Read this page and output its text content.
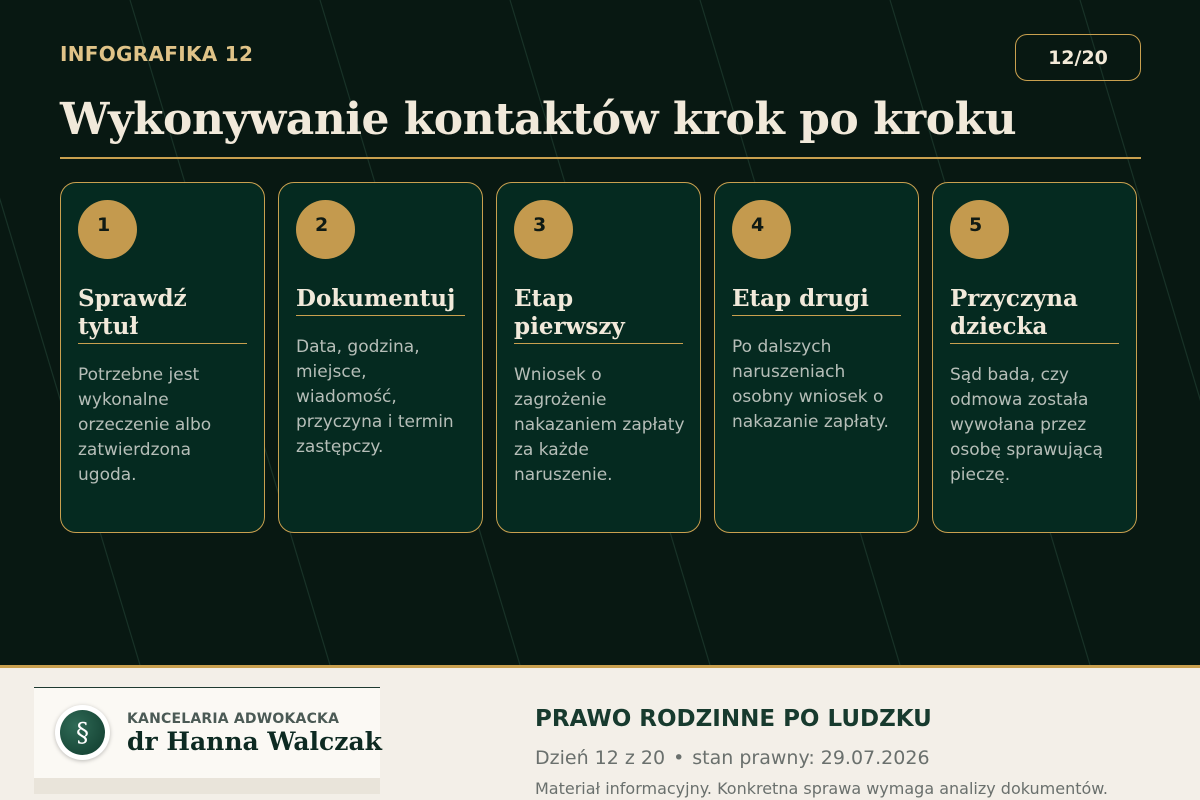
INFOGRAFIKA 12	12/20
Wykonywanie kontaktów krok po kroku
1
Sprawdź tytuł
Potrzebne jest wykonalne orzeczenie albo zatwierdzona ugoda.
2
Dokumentuj
Data, godzina, miejsce, wiadomość, przyczyna i termin zastępczy.
3
Etap pierwszy
Wniosek o zagrożenie nakazaniem zapłaty za każde naruszenie.
4
Etap drugi
Po dalszych naruszeniach osobny wniosek o nakazanie zapłaty.
5
Przyczyna dziecka
Sąd bada, czy odmowa została wywołana przez osobę sprawującą pieczę.
§	KANCELARIA ADWOKACKA
dr Hanna Walczak
PRAWO RODZINNE PO LUDZKU
Dzień 12 z 20 • stan prawny: 29.07.2026
Materiał informacyjny. Konkretna sprawa wymaga analizy dokumentów.
